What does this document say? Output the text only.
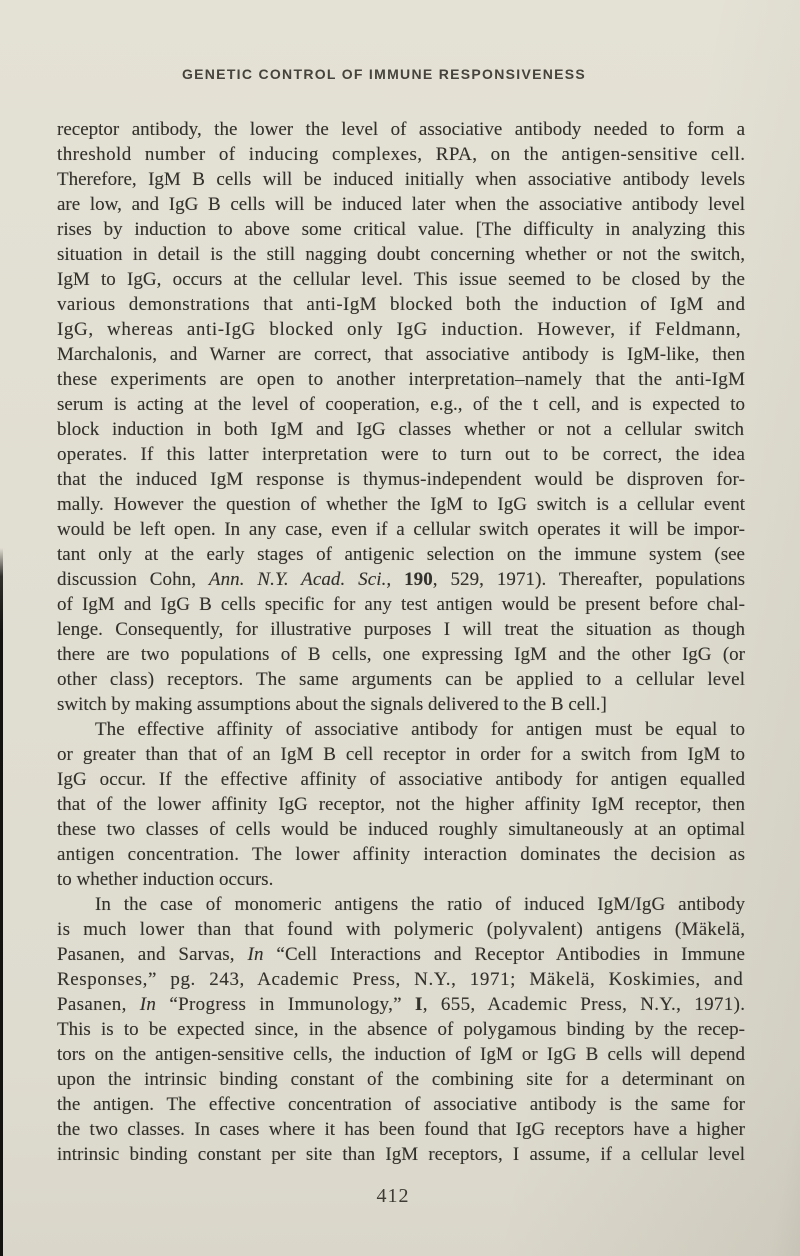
GENETIC CONTROL OF IMMUNE RESPONSIVENESS
receptor antibody, the lower the level of associative antibody needed to form a
threshold number of inducing complexes, RPA, on the antigen-sensitive cell.
Therefore, IgM B cells will be induced initially when associative antibody levels
are low, and IgG B cells will be induced later when the associative antibody level
rises by induction to above some critical value. [The difficulty in analyzing this
situation in detail is the still nagging doubt concerning whether or not the switch,
IgM to IgG, occurs at the cellular level. This issue seemed to be closed by the
various demonstrations that anti-IgM blocked both the induction of IgM and
IgG, whereas anti-IgG blocked only IgG induction. However, if Feldmann,
Marchalonis, and Warner are correct, that associative antibody is IgM-like, then
these experiments are open to another interpretation–namely that the anti-IgM
serum is acting at the level of cooperation, e.g., of the t cell, and is expected to
block induction in both IgM and IgG classes whether or not a cellular switch
operates. If this latter interpretation were to turn out to be correct, the idea
that the induced IgM response is thymus-independent would be disproven for-
mally. However the question of whether the IgM to IgG switch is a cellular event
would be left open. In any case, even if a cellular switch operates it will be impor-
tant only at the early stages of antigenic selection on the immune system (see
discussion Cohn, Ann. N.Y. Acad. Sci., 190, 529, 1971). Thereafter, populations
of IgM and IgG B cells specific for any test antigen would be present before chal-
lenge. Consequently, for illustrative purposes I will treat the situation as though
there are two populations of B cells, one expressing IgM and the other IgG (or
other class) receptors. The same arguments can be applied to a cellular level
switch by making assumptions about the signals delivered to the B cell.]
The effective affinity of associative antibody for antigen must be equal to
or greater than that of an IgM B cell receptor in order for a switch from IgM to
IgG occur. If the effective affinity of associative antibody for antigen equalled
that of the lower affinity IgG receptor, not the higher affinity IgM receptor, then
these two classes of cells would be induced roughly simultaneously at an optimal
antigen concentration. The lower affinity interaction dominates the decision as
to whether induction occurs.
In the case of monomeric antigens the ratio of induced IgM/IgG antibody
is much lower than that found with polymeric (polyvalent) antigens (Mäkelä,
Pasanen, and Sarvas, In “Cell Interactions and Receptor Antibodies in Immune
Responses,” pg. 243, Academic Press, N.Y., 1971; Mäkelä, Koskimies, and
Pasanen, In “Progress in Immunology,” I, 655, Academic Press, N.Y., 1971).
This is to be expected since, in the absence of polygamous binding by the recep-
tors on the antigen-sensitive cells, the induction of IgM or IgG B cells will depend
upon the intrinsic binding constant of the combining site for a determinant on
the antigen. The effective concentration of associative antibody is the same for
the two classes. In cases where it has been found that IgG receptors have a higher
intrinsic binding constant per site than IgM receptors, I assume, if a cellular level
412
